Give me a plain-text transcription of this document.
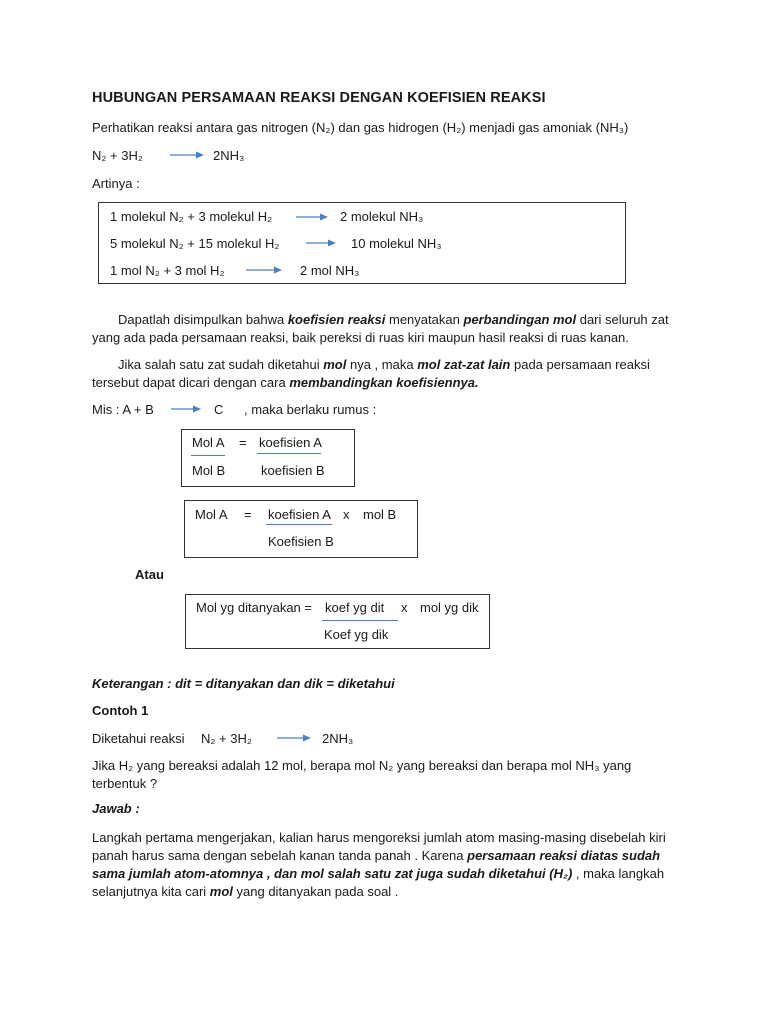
HUBUNGAN PERSAMAAN REAKSI DENGAN KOEFISIEN REAKSI
Perhatikan reaksi antara gas nitrogen (N₂) dan gas hidrogen (H₂) menjadi gas amoniak (NH₃)
N₂ + 3H₂	2NH₃
Artinya :
1 molekul N₂ + 3 molekul H₂	2 molekul NH₃
5 molekul N₂ + 15 molekul H₂	10 molekul NH₃
1 mol N₂ + 3 mol H₂	2 mol NH₃
Dapatlah disimpulkan bahwa koefisien reaksi menyatakan perbandingan mol dari seluruh zat yang ada pada persamaan reaksi, baik pereksi di ruas kiri maupun hasil reaksi di ruas kanan.
Jika salah satu zat sudah diketahui mol nya , maka mol zat-zat lain pada persamaan reaksi tersebut dapat dicari dengan cara membandingkan koefisiennya.
Mis : A + B	C , maka berlaku rumus :
Mol A = koefisien A
Mol B	koefisien B
Mol A = koefisien A x mol B
Koefisien B
Atau
Mol yg ditanyakan = koef yg dit x mol yg dik
Koef yg dik
Keterangan : dit = ditanyakan dan dik = diketahui
Contoh 1
Diketahui reaksi N₂ + 3H₂	2NH₃
Jika H₂ yang bereaksi adalah 12 mol, berapa mol N₂ yang bereaksi dan berapa mol NH₃ yang terbentuk ?
Jawab :
Langkah pertama mengerjakan, kalian harus mengoreksi jumlah atom masing-masing disebelah kiri panah harus sama dengan sebelah kanan tanda panah . Karena persamaan reaksi diatas sudah sama jumlah atom-atomnya , dan mol salah satu zat juga sudah diketahui (H₂) , maka langkah selanjutnya kita cari mol yang ditanyakan pada soal .
